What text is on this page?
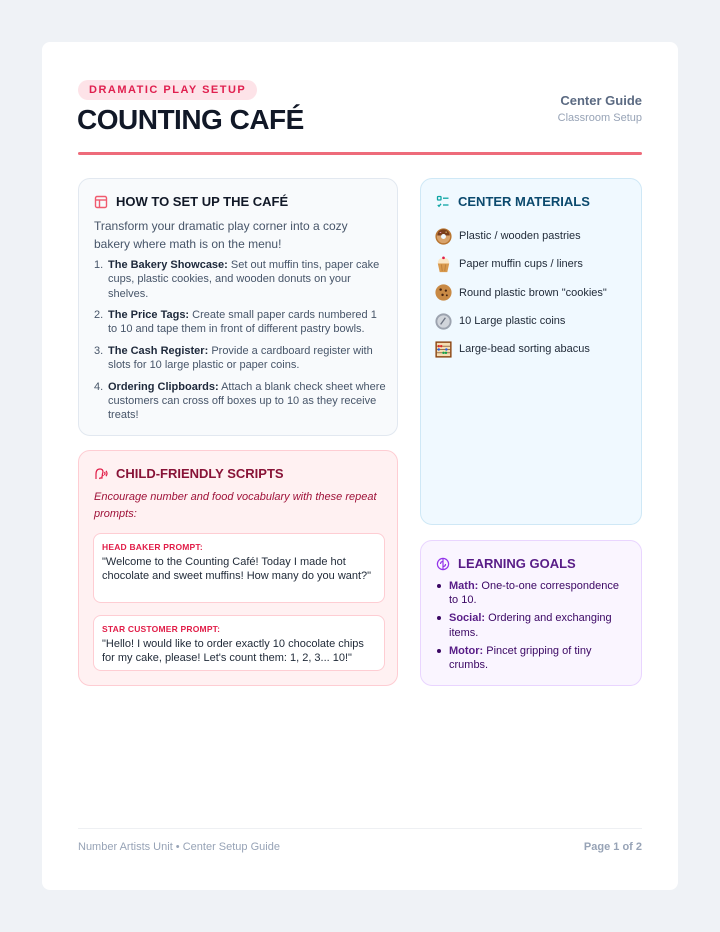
DRAMATIC PLAY SETUP
COUNTING CAFÉ
Center Guide
Classroom Setup
HOW TO SET UP THE CAFÉ

Transform your dramatic play corner into a cozy bakery where math is on the menu!

1. The Bakery Showcase: Set out muffin tins, paper cake cups, plastic cookies, and wooden donuts on your shelves.
2. The Price Tags: Create small paper cards numbered 1 to 10 and tape them in front of different pastry bowls.
3. The Cash Register: Provide a cardboard register with slots for 10 large plastic or paper coins.
4. Ordering Clipboards: Attach a blank check sheet where customers can cross off boxes up to 10 as they receive treats!
CENTER MATERIALS
Plastic / wooden pastries
Paper muffin cups / liners
Round plastic brown "cookies"
10 Large plastic coins
Large-bead sorting abacus
CHILD-FRIENDLY SCRIPTS

Encourage number and food vocabulary with these repeat prompts:

HEAD BAKER PROMPT:
"Welcome to the Counting Café! Today I made hot chocolate and sweet muffins! How many do you want?"
STAR CUSTOMER PROMPT:
"Hello! I would like to order exactly 10 chocolate chips for my cake, please! Let's count them: 1, 2, 3... 10!"
LEARNING GOALS
Math: One-to-one correspondence to 10.
Social: Ordering and exchanging items.
Motor: Pincet gripping of tiny crumbs.
Number Artists Unit • Center Setup Guide	Page 1 of 2
